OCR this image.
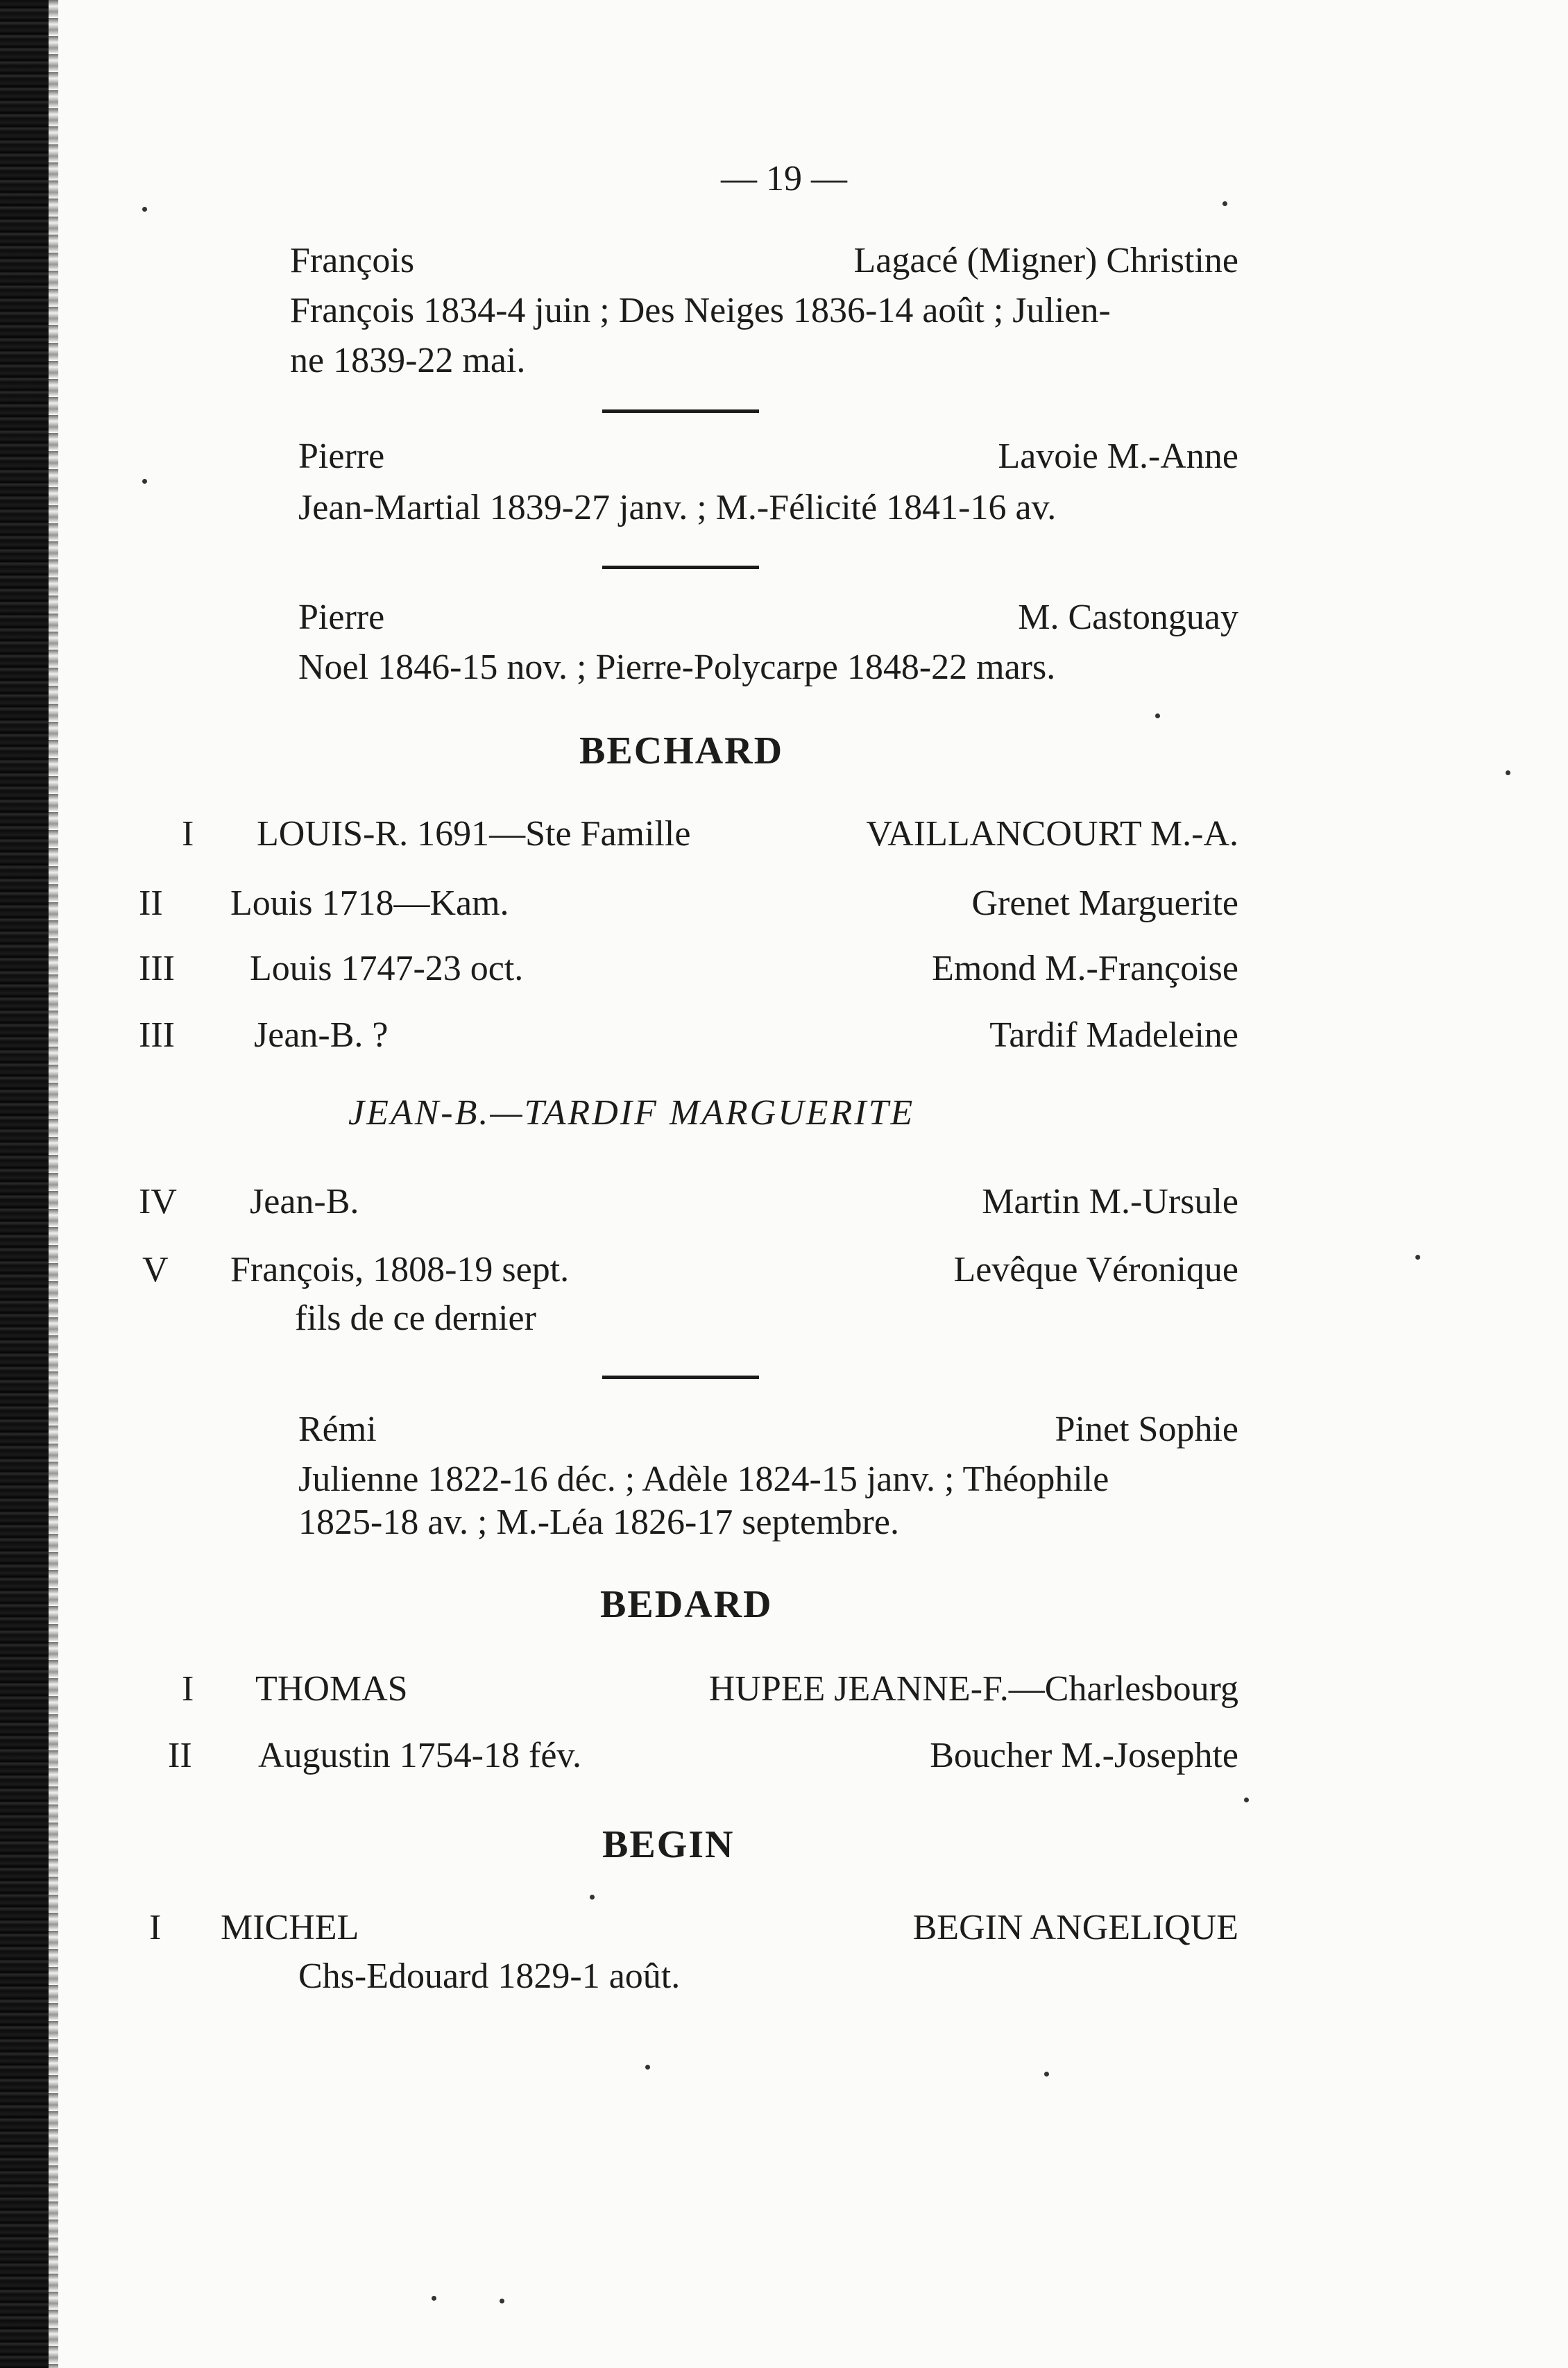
— 19 —
François	Lagacé (Migner) Christine
François 1834-4 juin ; Des Neiges 1836-14 août ; Julien-
ne 1839-22 mai.
Pierre	Lavoie M.-Anne
Jean-Martial 1839-27 janv. ; M.-Félicité 1841-16 av.
Pierre	M. Castonguay
Noel 1846-15 nov. ; Pierre-Polycarpe 1848-22 mars.
BECHARD
I LOUIS-R. 1691—Ste Famille	VAILLANCOURT M.-A.
II Louis 1718—Kam.	Grenet Marguerite
III Louis 1747-23 oct.	Emond M.-Françoise
III Jean-B. ?	Tardif Madeleine
JEAN-B.—TARDIF MARGUERITE
IV Jean-B.	Martin M.-Ursule
V François, 1808-19 sept.	Levêque Véronique
fils de ce dernier
Rémi	Pinet Sophie
Julienne 1822-16 déc. ; Adèle 1824-15 janv. ; Théophile
1825-18 av. ; M.-Léa 1826-17 septembre.
BEDARD
I THOMAS	HUPEE JEANNE-F.—Charlesbourg
II Augustin 1754-18 fév.	Boucher M.-Josephte
BEGIN
I MICHEL	BEGIN ANGELIQUE
Chs-Edouard 1829-1 août.
